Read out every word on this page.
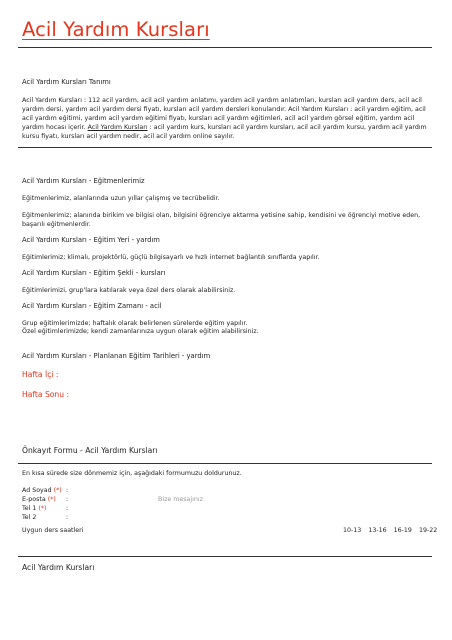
Acil Yardım Kursları
Acil Yardım Kursları Tanımı
Acil Yardım Kursları : 112 acil yardım, acil acil yardım anlatımı, yardım acil yardım anlatımları, kursları acil yardım ders, acil acil yardım dersi, yardım acil yardım dersi fiyatı, kursları acil yardım dersleri konularıdır. Acil Yardım Kursları : acil yardım eğitim, acil acil yardım eğitimi, yardım acil yardım eğitimi fiyatı, kursları acil yardım eğitimleri, acil acil yardım görsel eğitim, yardım acil yardım hocası içerir. Acil Yardım Kursları : acil yardım kurs, kursları acil yardım kursları, acil acil yardım kursu, yardım acil yardım kursu fiyatı, kursları acil yardım nedir, acil acil yardım online sayılır.
Acil Yardım Kursları - Eğitmenlerimiz
Eğitmenlerimiz, alanlarında uzun yıllar çalışmış ve tecrübelidir.
Eğitmenlerimiz; alanında birikim ve bilgisi olan, bilgisini öğrenciye aktarma yetisine sahip, kendisini ve öğrenciyi motive eden, başarılı eğitmenlerdir.
Acil Yardım Kursları - Eğitim Yeri - yardım
Eğitimlerimiz; klimalı, projektörlü, güçlü bilgisayarlı ve hızlı internet bağlantılı sınıflarda yapılır.
Acil Yardım Kursları - Eğitim Şekli - kursları
Eğitimlerimizi, grup'lara katılarak veya özel ders olarak alabilirsiniz.
Acil Yardım Kursları - Eğitim Zamanı - acil
Grup eğitimlerimizde; haftalık olarak belirlenen sürelerde eğitim yapılır.
Özel eğitimlerimizde; kendi zamanlarınıza uygun olarak eğitim alabilirsiniz.
Acil Yardım Kursları - Planlanan Eğitim Tarihleri - yardım
Hafta İçi :
Hafta Sonu :
Önkayıt Formu - Acil Yardım Kursları
En kısa sürede size dönmemiz için, aşağıdaki formumuzu doldurunuz.
Ad Soyad (*) :
E-posta (*) :
Tel 1 (*)	:
Tel 2	:
Bize mesajınız
Uygun ders saatleri	10-13 13-16 16-19 19-22
Acil Yardım Kursları
